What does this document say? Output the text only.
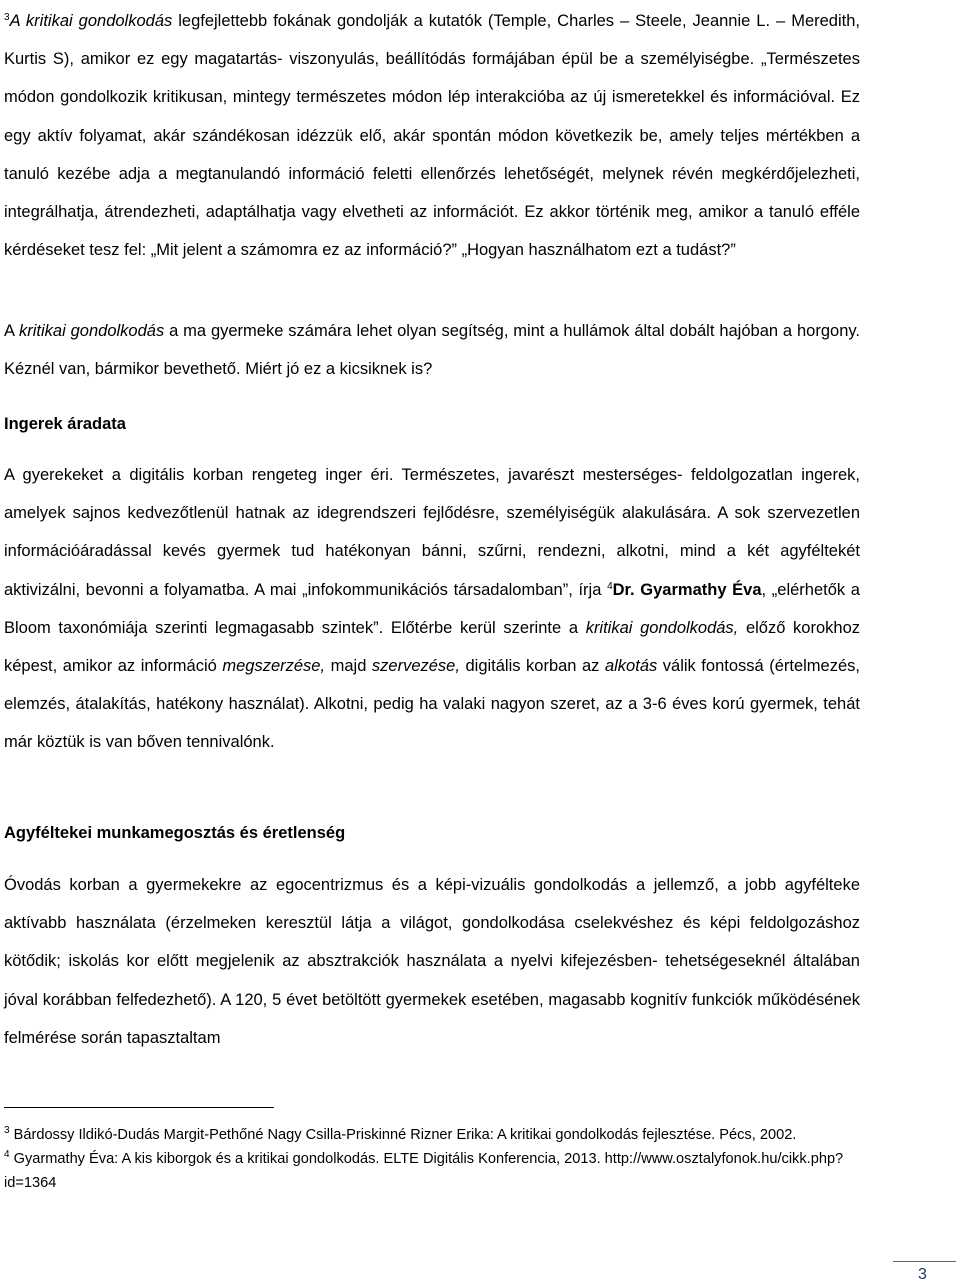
$^3$A kritikai gondolkodás legfejlettebb fokának gondolják a kutatók (Temple, Charles – Steele, Jeannie L. – Meredith, Kurtis S), amikor ez egy magatartás- viszonyulás, beállítódás formájában épül be a személyiségbe. „Természetes módon gondolkozik kritikusan, mintegy természetes módon lép interakcióba az új ismeretekkel és információval. Ez egy aktív folyamat, akár szándékosan idézzük elő, akár spontán módon következik be, amely teljes mértékben a tanuló kezébe adja a megtanulandó információ feletti ellenőrzés lehetőségét, melynek révén megkérdőjelezheti, integrálhatja, átrendezheti, adaptálhatja vagy elvetheti az információt. Ez akkor történik meg, amikor a tanuló efféle kérdéseket tesz fel: „Mit jelent a számomra ez az információ?” „Hogyan használhatom ezt a tudást?”

A kritikai gondolkodás a ma gyermeke számára lehet olyan segítség, mint a hullámok által dobált hajóban a horgony. Kéznél van, bármikor bevethető. Miért jó ez a kicsiknek is?

Ingerek áradata

A gyerekeket a digitális korban rengeteg inger éri. Természetes, javarészt mesterséges- feldolgozatlan ingerek, amelyek sajnos kedvezőtlenül hatnak az idegrendszeri fejlődésre, személyiségük alakulására. A sok szervezetlen információáradással kevés gyermek tud hatékonyan bánni, szűrni, rendezni, alkotni, mind a két agyféltekét aktivizálni, bevonni a folyamatba. A mai „infokommunikációs társadalomban”, írja $^4$Dr. Gyarmathy Éva, „elérhetők a Bloom taxonómiája szerinti legmagasabb szintek”. Előtérbe kerül szerinte a kritikai gondolkodás, előző korokhoz képest, amikor az információ megszerzése, majd szervezése, digitális korban az alkotás válik fontossá (értelmezés, elemzés, átalakítás, hatékony használat). Alkotni, pedig ha valaki nagyon szeret, az a 3-6 éves korú gyermek, tehát már köztük is van bőven tennivalónk.

Agyféltekei munkamegosztás és éretlenség

Óvodás korban a gyermekekre az egocentrizmus és a képi-vizuális gondolkodás a jellemző, a jobb agyfélteke aktívabb használata (érzelmeken keresztül látja a világot, gondolkodása cselekvéshez és képi feldolgozáshoz kötődik; iskolás kor előtt megjelenik az absztrakciók használata a nyelvi kifejezésben- tehetségeseknél általában jóval korábban felfedezhető). A 120, 5 évet betöltött gyermekek esetében, magasabb kognitív funkciók működésének felmérése során tapasztaltam

$^3$ Bárdossy Ildikó-Dudás Margit-Pethőné Nagy Csilla-Priskinné Rizner Erika: A kritikai gondolkodás fejlesztése. Pécs, 2002.
$^4$ Gyarmathy Éva: A kis kiborgok és a kritikai gondolkodás. ELTE Digitális Konferencia, 2013. http://www.osztalyfonok.hu/cikk.php?id=1364
3
